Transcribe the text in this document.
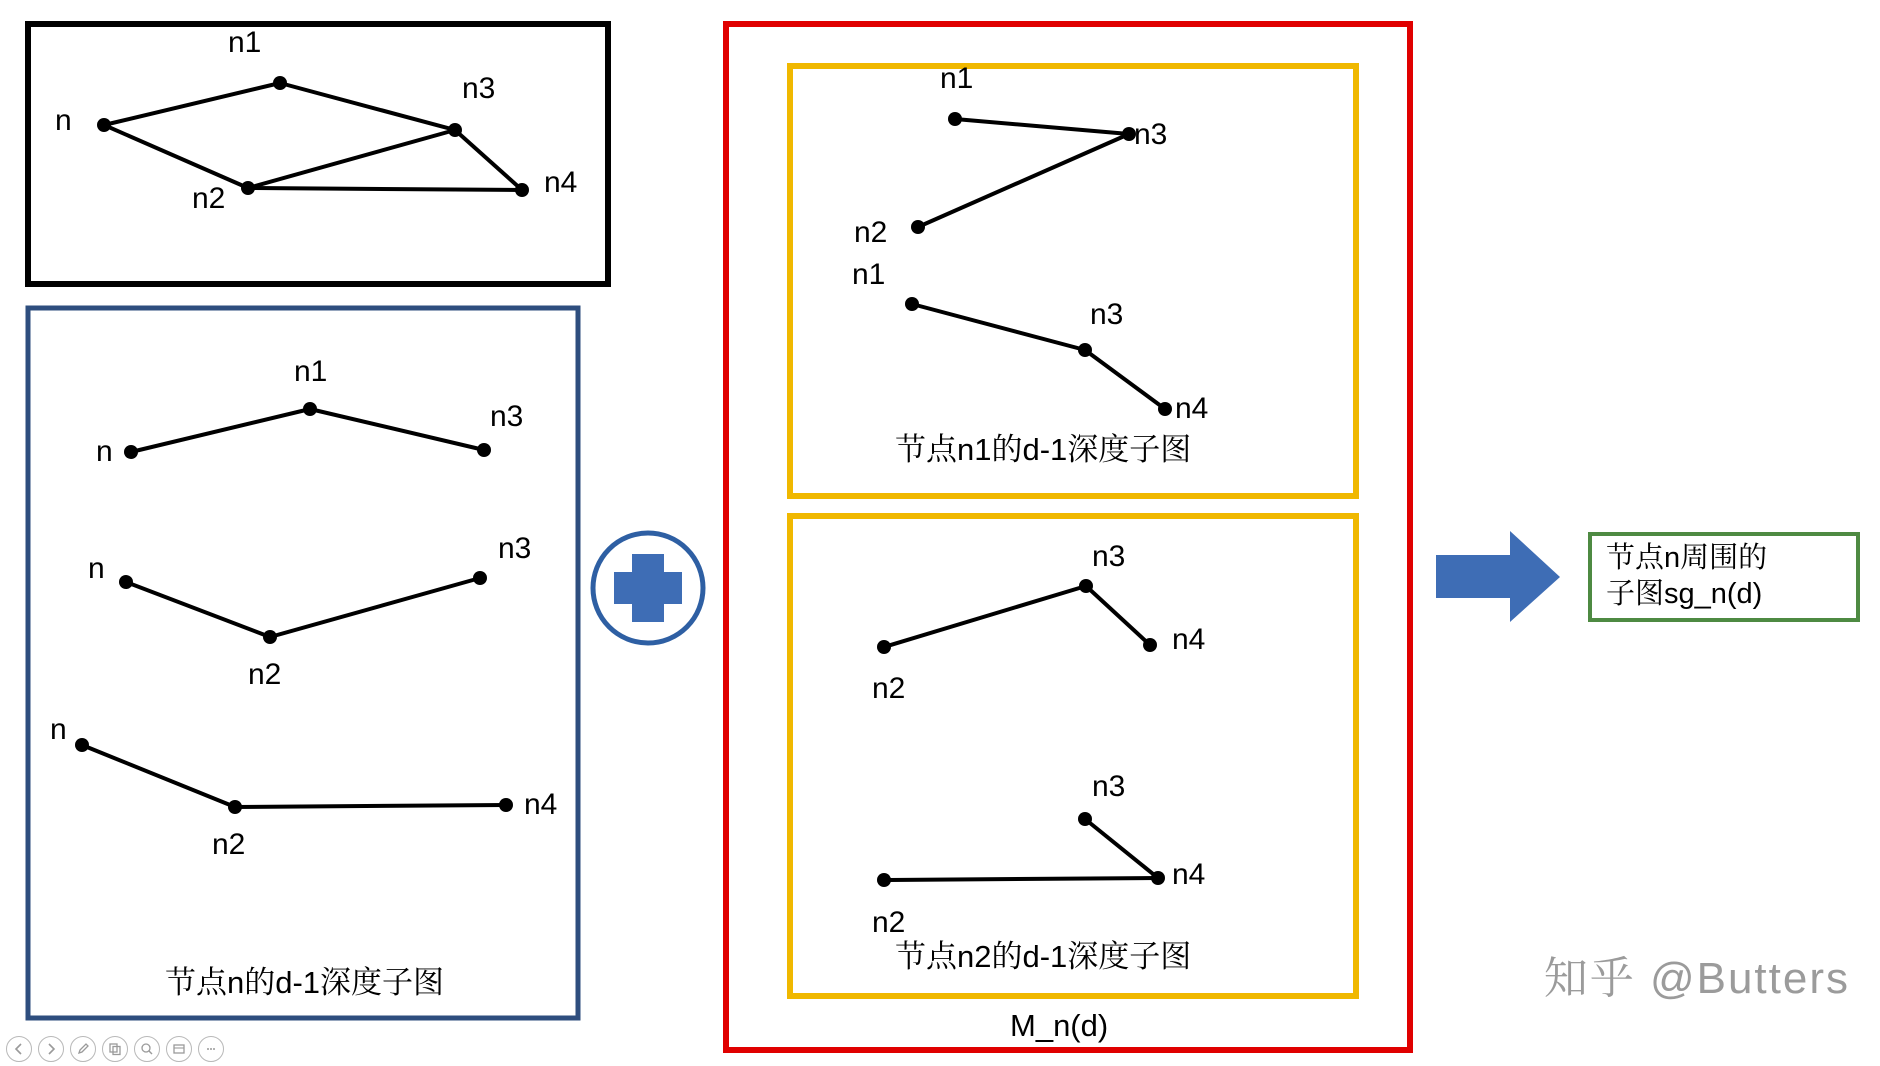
n
n1
n2
n3
n4
n
n1
n3
n
n2
n3
n
n2
n4
节点n的d-1深度子图
n1
n2
n3
n1
n3
n4
节点n1的d-1深度子图
n2
n3
n4
n2
n3
n4
节点n2的d-1深度子图
M_n(d)
节点n周围的
子图sg_n(d)
知乎 @Butters
